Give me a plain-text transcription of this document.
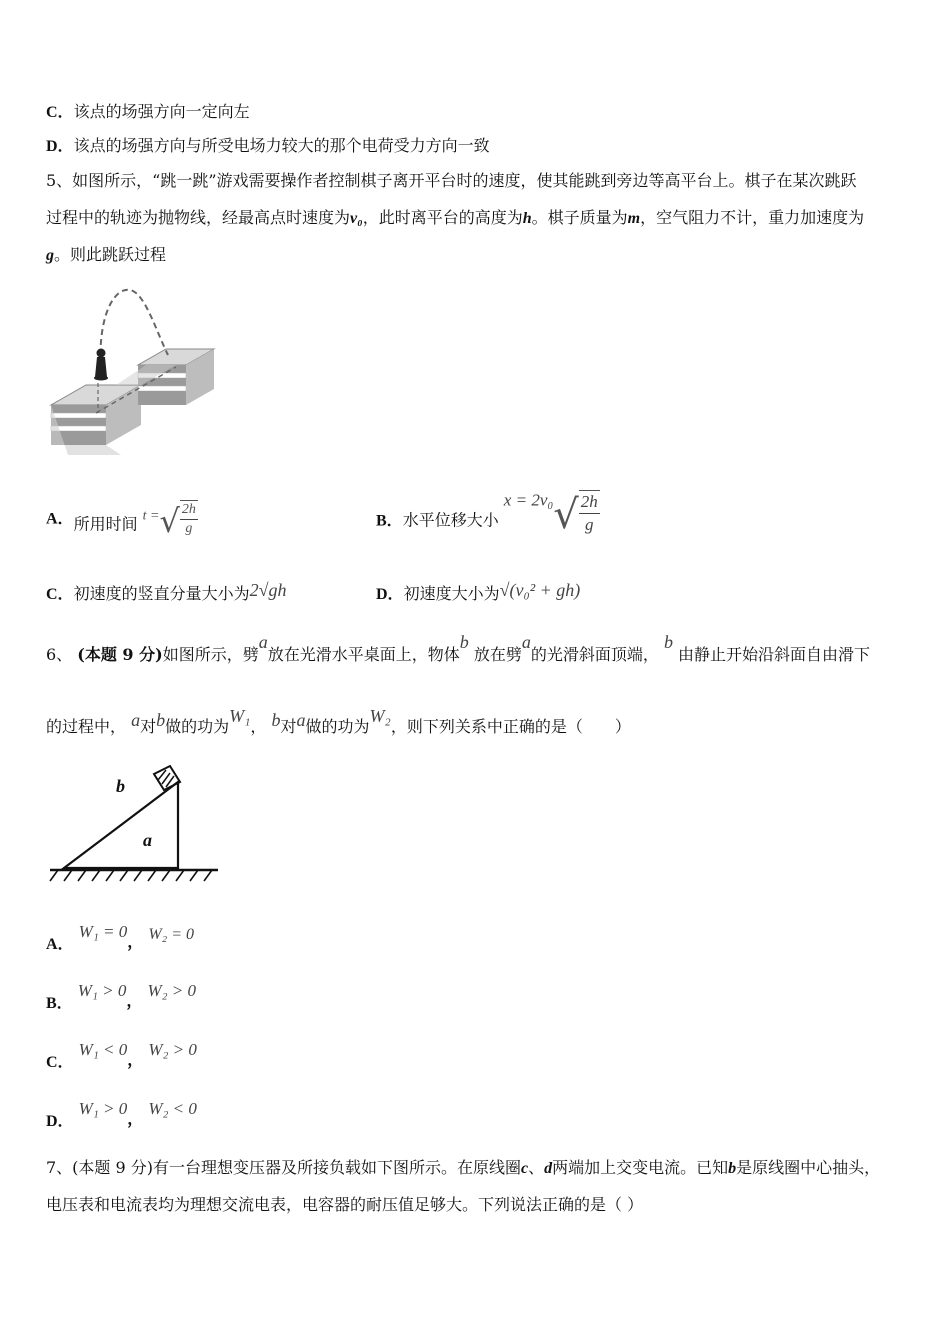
C．该点的场强方向一定向左
D．该点的场强方向与所受电场力较大的那个电荷受力方向一致
5、如图所示，“跳一跳”游戏需要操作者控制棋子离开平台时的速度，使其能跳到旁边等高平台上。棋子在某次跳跃
过程中的轨迹为抛物线，经最高点时速度为v₀，此时离平台的高度为h。棋子质量为m，空气阻力不计，重力加速度为
g。则此跳跃过程
A．所用时间 t =√ $\frac{2h}{g}$	B．水平位移大小 $x = 2v_0√ \frac{2h}{g}$
C．初速度的竖直分量大小为2√gh	D．初速度大小为√(v₀² + gh)
6、 (本题 9 分)如图所示，劈a放在光滑水平桌面上，物体b 放在劈a的光滑斜面顶端， b 由静止开始沿斜面自由滑下
的过程中， a对b做的功为W₁， b对a做的功为W₂，则下列关系中正确的是（　　）
b
a
A． W₁ = 0， W₂ = 0
B． W₁ > 0， W₂ > 0
C． W₁ < 0， W₂ > 0
D． W₁ > 0， W₂ < 0
7、(本题 9 分)有一台理想变压器及所接负载如下图所示。在原线圈c、d两端加上交变电流。已知b是原线圈中心抽头，
电压表和电流表均为理想交流电表，电容器的耐压值足够大。下列说法正确的是（ ）
